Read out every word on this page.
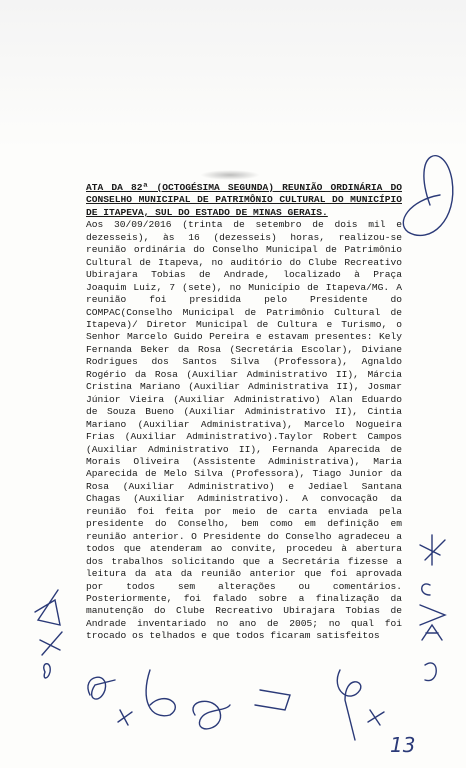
ATA DA 82ª (OCTOGÉSIMA SEGUNDA) REUNIÃO ORDINÁRIA DO CONSELHO MUNICIPAL DE PATRIMÔNIO CULTURAL DO MUNICÍPIO DE ITAPEVA, SUL DO ESTADO DE MINAS GERAIS.

Aos 30/09/2016 (trinta de setembro de dois mil e dezesseis), às 16 (dezesseis) horas, realizou-se reunião ordinária do Conselho Municipal de Patrimônio Cultural de Itapeva, no auditório do Clube Recreativo Ubirajara Tobias de Andrade, localizado à Praça Joaquim Luiz, 7 (sete), no Município de Itapeva/MG. A reunião foi presidida pelo Presidente do COMPAC(Conselho Municipal de Patrimônio Cultural de Itapeva)/ Diretor Municipal de Cultura e Turismo, o Senhor Marcelo Guido Pereira e estavam presentes: Kely Fernanda Beker da Rosa (Secretária Escolar), Diviane Rodrigues dos Santos Silva (Professora), Agnaldo Rogério da Rosa (Auxiliar Administrativo II), Márcia Cristina Mariano (Auxiliar Administrativa II), Josmar Júnior Vieira (Auxiliar Administrativo) Alan Eduardo de Souza Bueno (Auxiliar Administrativo II), Cintia Mariano (Auxiliar Administrativa), Marcelo Nogueira Frias (Auxiliar Administrativo).Taylor Robert Campos (Auxiliar Administrativo II), Fernanda Aparecida de Morais Oliveira (Assistente Administrativa), Maria Aparecida de Melo Silva (Professora), Tiago Junior da Rosa (Auxiliar Administrativo) e Jediael Santana Chagas (Auxiliar Administrativo). A convocação da reunião foi feita por meio de carta enviada pela presidente do Conselho, bem como em definição em reunião anterior. O Presidente do Conselho agradeceu a todos que atenderam ao convite, procedeu à abertura dos trabalhos solicitando que a Secretária fizesse a leitura da ata da reunião anterior que foi aprovada por todos sem alterações ou comentários. Posteriormente, foi falado sobre a finalização da manutenção do Clube Recreativo Ubirajara Tobias de Andrade inventariado no ano de 2005; no qual foi trocado os telhados e que todos ficaram satisfeitos

13
